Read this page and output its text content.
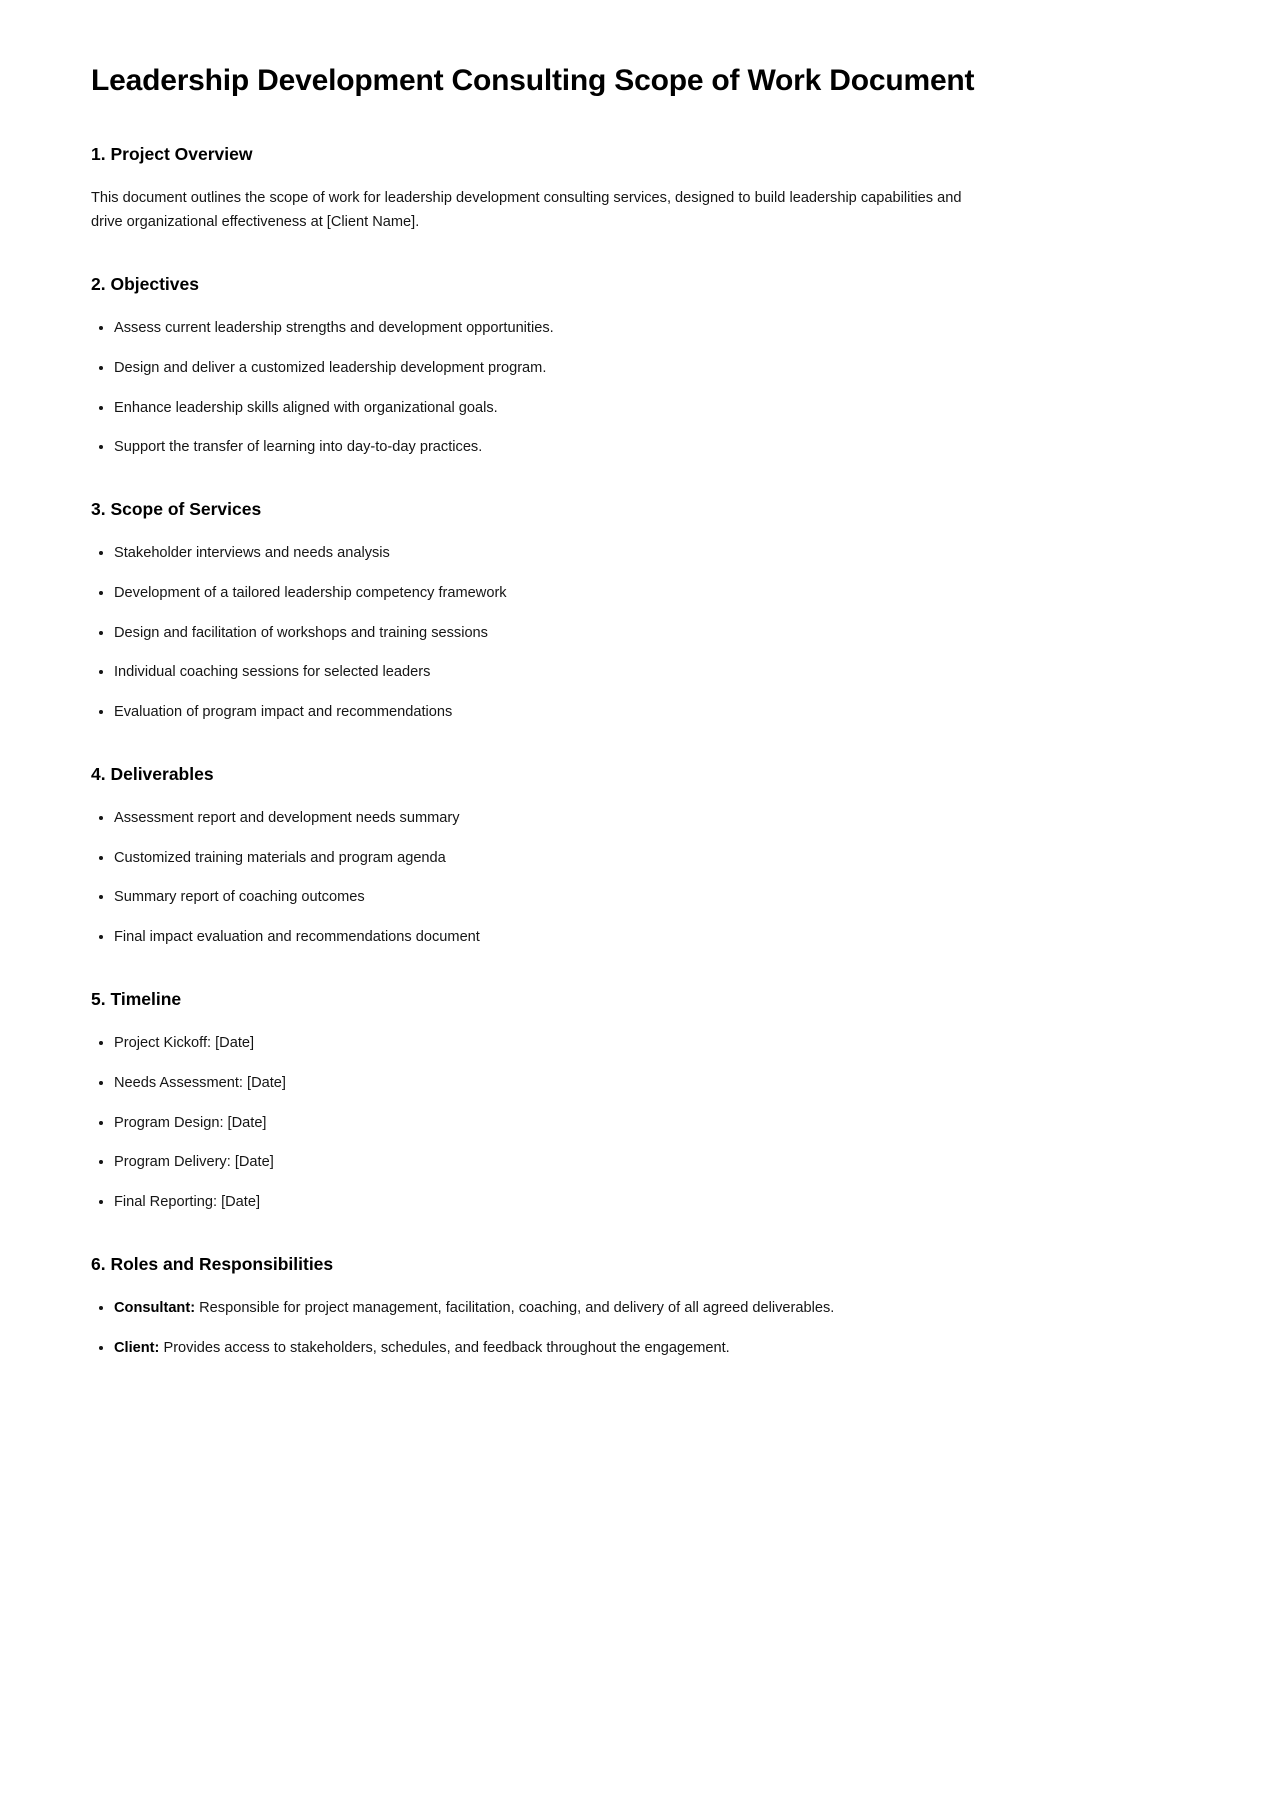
Leadership Development Consulting Scope of Work Document
1. Project Overview

This document outlines the scope of work for leadership development consulting services, designed to build leadership capabilities and drive organizational effectiveness at [Client Name].

2. Objectives
Assess current leadership strengths and development opportunities.
Design and deliver a customized leadership development program.
Enhance leadership skills aligned with organizational goals.
Support the transfer of learning into day-to-day practices.
3. Scope of Services
Stakeholder interviews and needs analysis
Development of a tailored leadership competency framework
Design and facilitation of workshops and training sessions
Individual coaching sessions for selected leaders
Evaluation of program impact and recommendations
4. Deliverables
Assessment report and development needs summary
Customized training materials and program agenda
Summary report of coaching outcomes
Final impact evaluation and recommendations document
5. Timeline
Project Kickoff: [Date]
Needs Assessment: [Date]
Program Design: [Date]
Program Delivery: [Date]
Final Reporting: [Date]
6. Roles and Responsibilities
Consultant: Responsible for project management, facilitation, coaching, and delivery of all agreed deliverables.
Client: Provides access to stakeholders, schedules, and feedback throughout the engagement.
